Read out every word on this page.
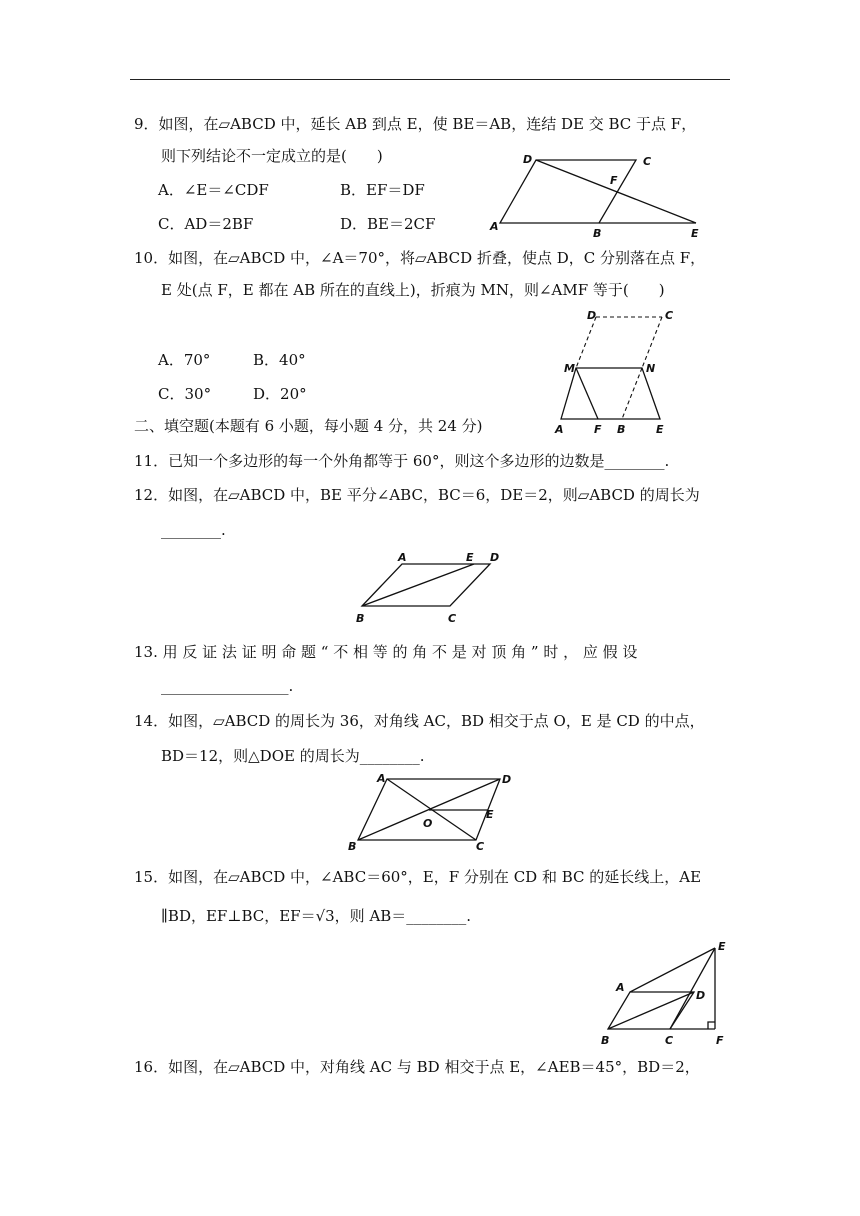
9．如图，在▱ABCD 中，延长 AB 到点 E，使 BE＝AB，连结 DE 交 BC 于点 F，
则下列结论不一定成立的是(　　)
A．∠E＝∠CDF	B．EF＝DF
C．AD＝2BF	D．BE＝2CF
D	C
F
A
B	E
10．如图，在▱ABCD 中，∠A＝70°，将▱ABCD 折叠，使点 D，C 分别落在点 F，
E 处(点 F，E 都在 AB 所在的直线上)，折痕为 MN，则∠AMF 等于(　　)
A．70°	B．40°
C．30°	D．20°
D	C
M	N
A	F B	E
二、填空题(本题有 6 小题，每小题 4 分，共 24 分)
11．已知一个多边形的每一个外角都等于 60°，则这个多边形的边数是________.
12．如图，在▱ABCD 中，BE 平分∠ABC，BC＝6，DE＝2，则▱ABCD 的周长为
________.
A	E D
B	C
13. 用 反 证 法 证 明 命 题 “ 不 相 等 的 角 不 是 对 顶 角 ” 时 ， 应 假 设
_________________.
14．如图，▱ABCD 的周长为 36，对角线 AC，BD 相交于点 O，E 是 CD 的中点，
BD＝12，则△DOE 的周长为________.
A	D
E
O
B	C
15．如图，在▱ABCD 中，∠ABC＝60°，E，F 分别在 CD 和 BC 的延长线上，AE
∥BD，EF⊥BC，EF＝√3，则 AB＝________.
E
A
D
B	C	F
16．如图，在▱ABCD 中，对角线 AC 与 BD 相交于点 E，∠AEB＝45°，BD＝2，
